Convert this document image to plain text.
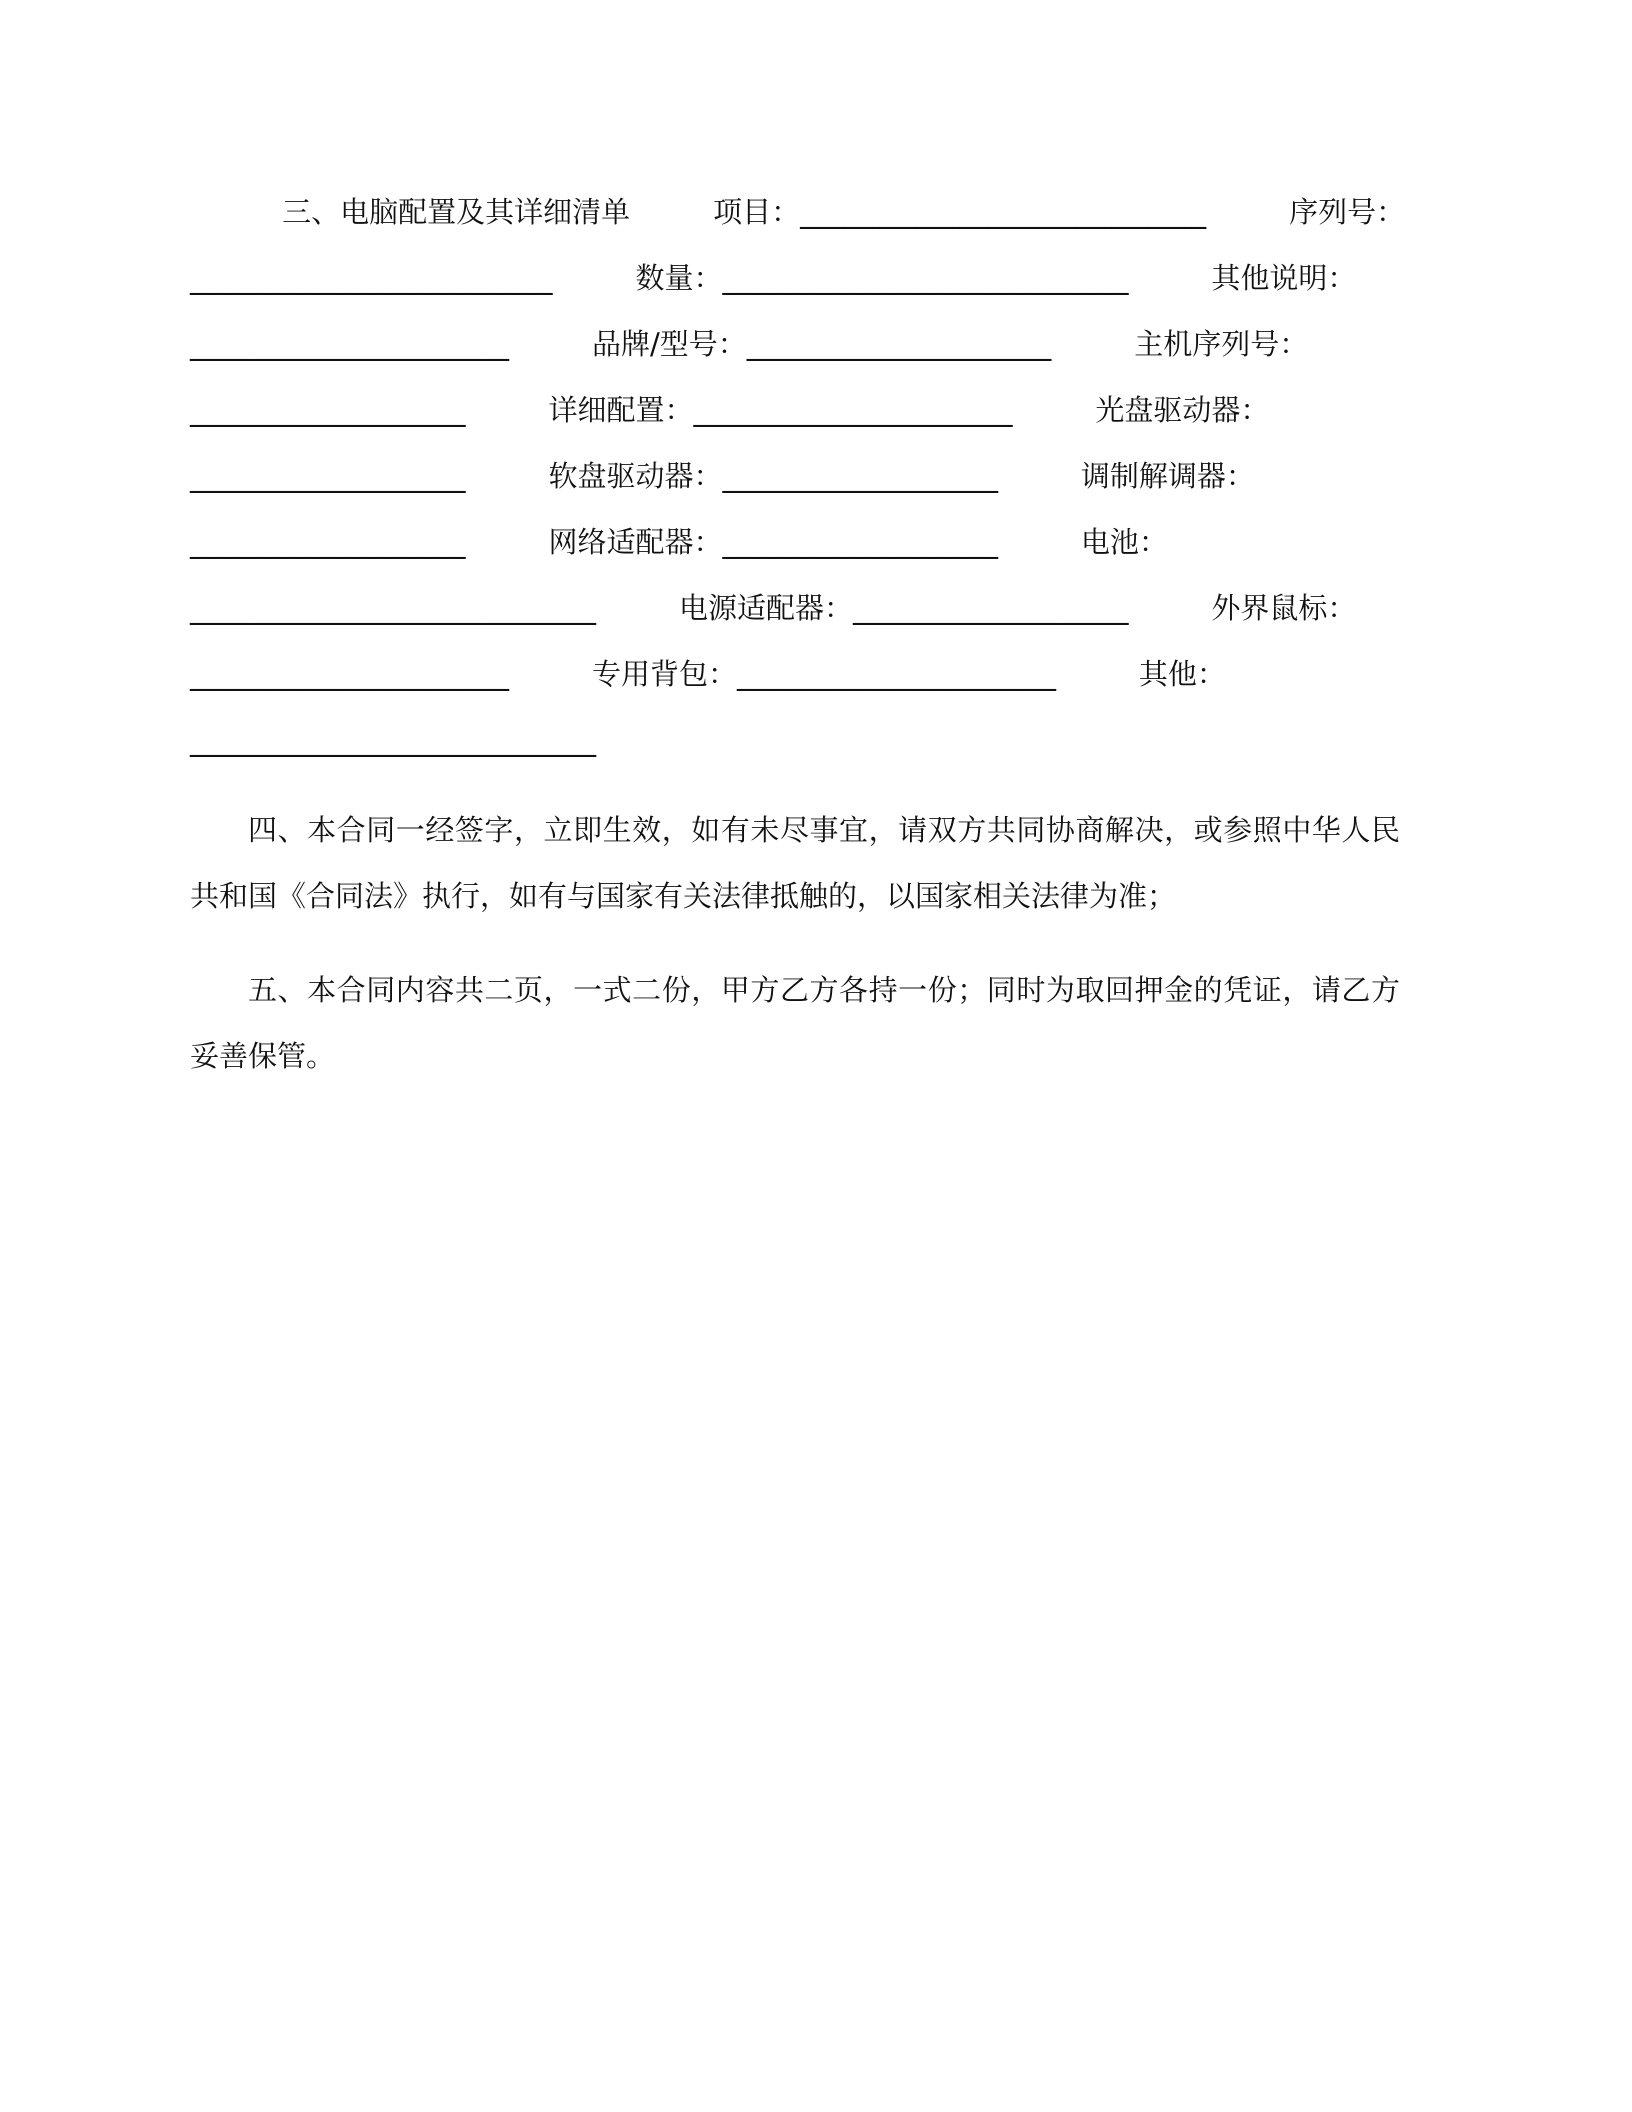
三、电脑配置及其详细清单         项目：____________________________         序列号：
_________________________         数量：____________________________         其他说明：
______________________         品牌/型号：_____________________         主机序列号：
___________________         详细配置：______________________         光盘驱动器：
___________________         软盘驱动器：___________________         调制解调器：
___________________         网络适配器：___________________         电池：
____________________________         电源适配器：___________________         外界鼠标：
______________________         专用背包：______________________         其他：
____________________________
四、本合同一经签字，立即生效，如有未尽事宜，请双方共同协商解决，或参照中华人民共和国《合同法》执行，如有与国家有关法律抵触的，以国家相关法律为准；
五、本合同内容共二页，一式二份，甲方乙方各持一份；同时为取回押金的凭证，请乙方妥善保管。
